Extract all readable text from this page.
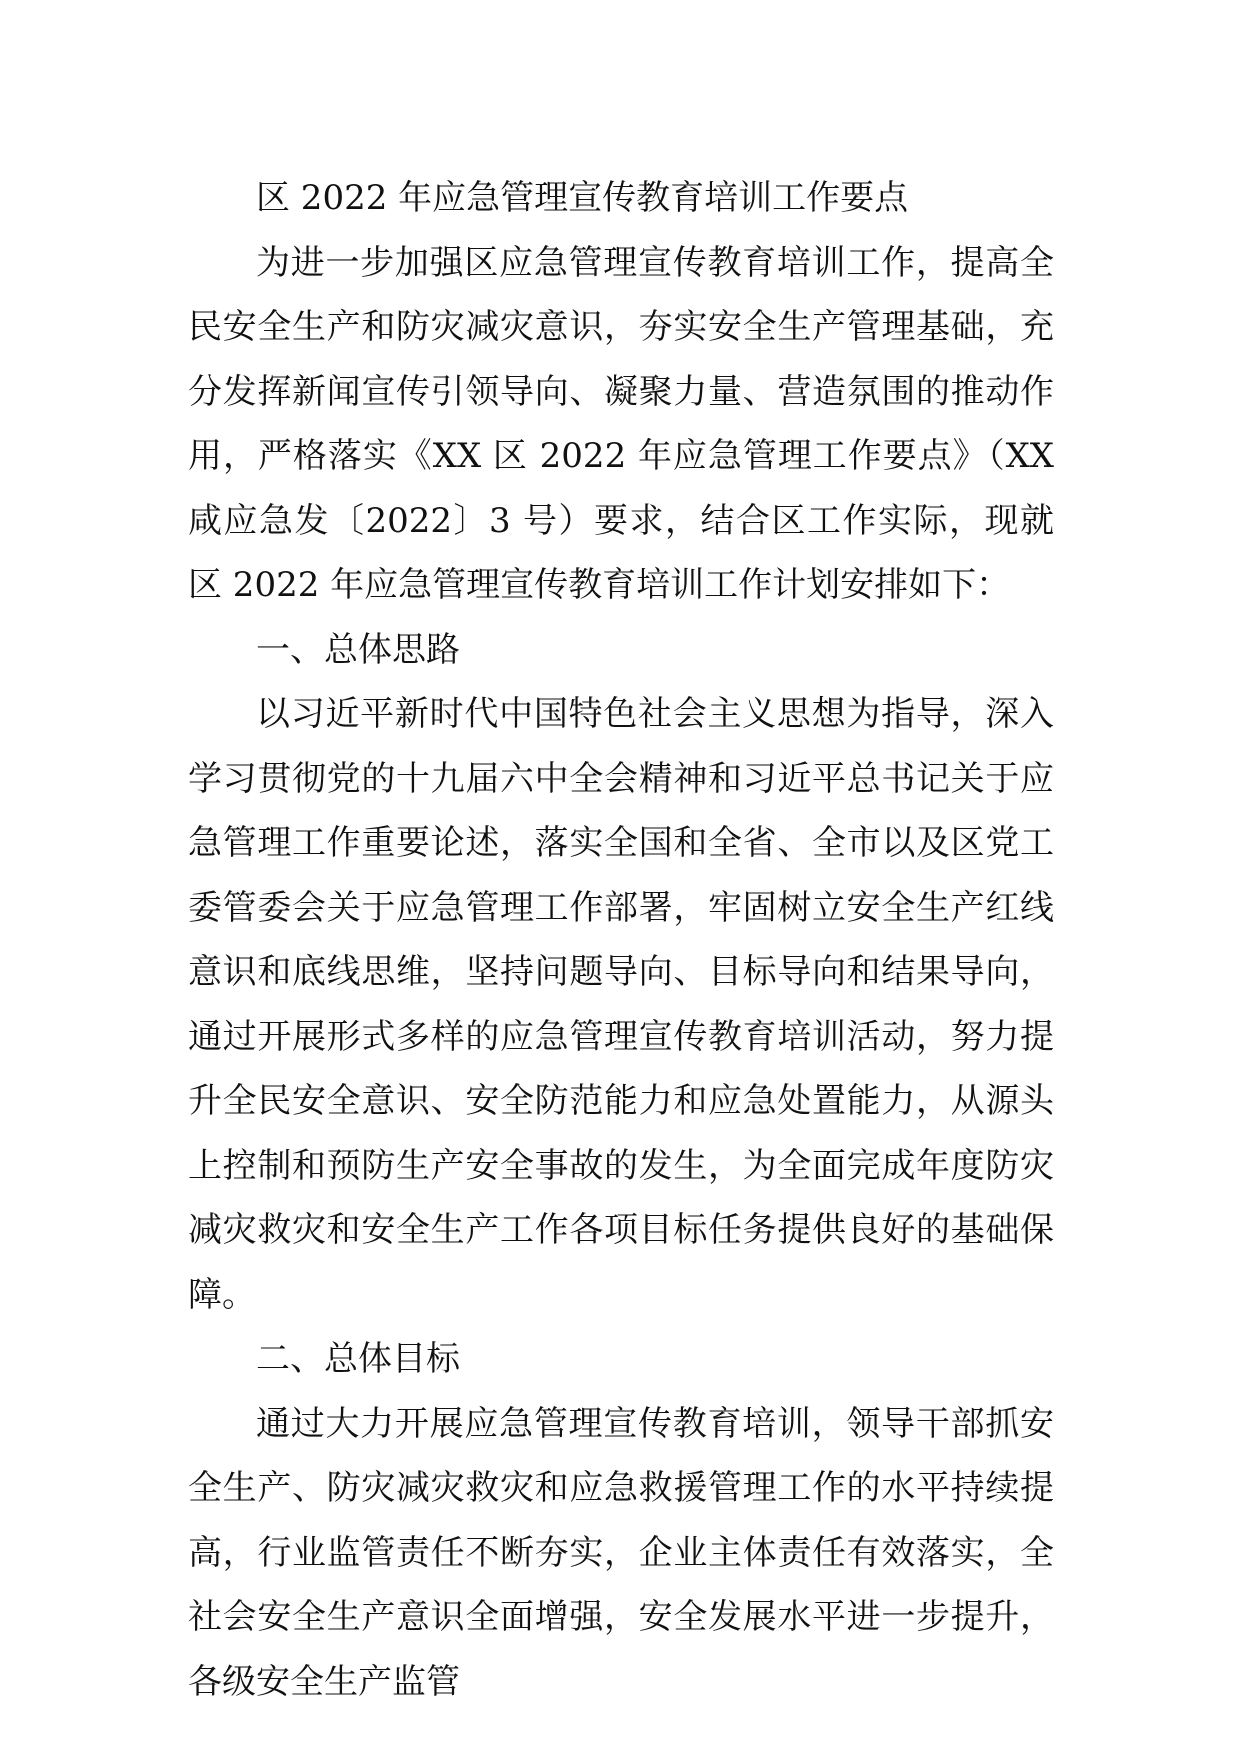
区 2022 年应急管理宣传教育培训工作要点

为进一步加强区应急管理宣传教育培训工作，提高全民安全生产和防灾减灾意识，夯实安全生产管理基础，充分发挥新闻宣传引领导向、凝聚力量、营造氛围的推动作用，严格落实《XX 区 2022 年应急管理工作要点》（XX 咸应急发〔2022〕3 号）要求，结合区工作实际，现就区 2022 年应急管理宣传教育培训工作计划安排如下：

一、总体思路

以习近平新时代中国特色社会主义思想为指导，深入学习贯彻党的十九届六中全会精神和习近平总书记关于应急管理工作重要论述，落实全国和全省、全市以及区党工委管委会关于应急管理工作部署，牢固树立安全生产红线意识和底线思维，坚持问题导向、目标导向和结果导向，通过开展形式多样的应急管理宣传教育培训活动，努力提升全民安全意识、安全防范能力和应急处置能力，从源头上控制和预防生产安全事故的发生，为全面完成年度防灾减灾救灾和安全生产工作各项目标任务提供良好的基础保障。

二、总体目标

通过大力开展应急管理宣传教育培训，领导干部抓安全生产、防灾减灾救灾和应急救援管理工作的水平持续提高，行业监管责任不断夯实，企业主体责任有效落实，全社会安全生产意识全面增强，安全发展水平进一步提升，各级安全生产监管
